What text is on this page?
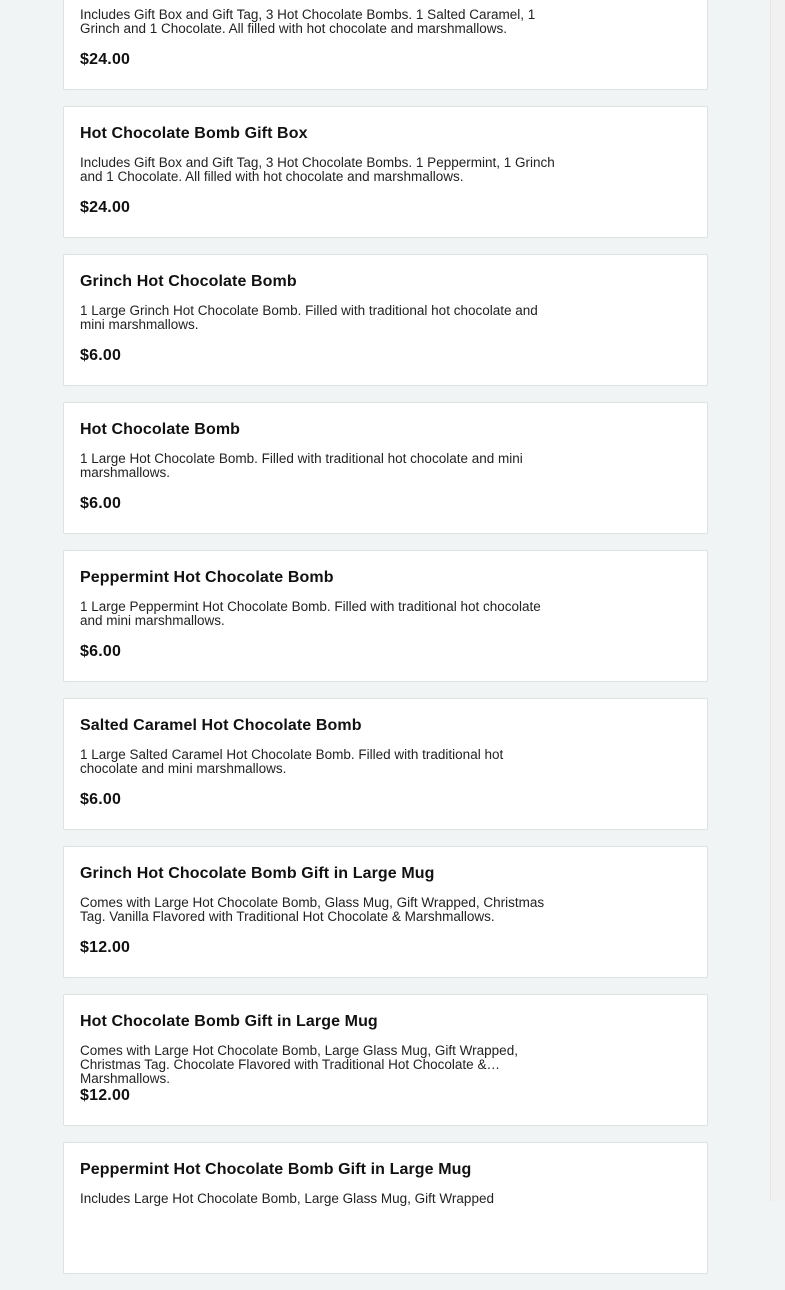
Includes Gift Box and Gift Tag, 3 Hot Chocolate Bombs. 1 Salted Caramel, 1 Grinch and 1 Chocolate. All filled with hot chocolate and marshmallows.
$24.00
Hot Chocolate Bomb Gift Box
Includes Gift Box and Gift Tag, 3 Hot Chocolate Bombs. 1 Peppermint, 1 Grinch and 1 Chocolate. All filled with hot chocolate and marshmallows.
$24.00
Grinch Hot Chocolate Bomb
1 Large Grinch Hot Chocolate Bomb. Filled with traditional hot chocolate and mini marshmallows.
$6.00
Hot Chocolate Bomb
1 Large Hot Chocolate Bomb. Filled with traditional hot chocolate and mini marshmallows.
$6.00
Peppermint Hot Chocolate Bomb
1 Large Peppermint Hot Chocolate Bomb. Filled with traditional hot chocolate and mini marshmallows.
$6.00
Salted Caramel Hot Chocolate Bomb
1 Large Salted Caramel Hot Chocolate Bomb. Filled with traditional hot chocolate and mini marshmallows.
$6.00
Grinch Hot Chocolate Bomb Gift in Large Mug
Comes with Large Hot Chocolate Bomb, Glass Mug, Gift Wrapped, Christmas Tag. Vanilla Flavored with Traditional Hot Chocolate & Marshmallows.
$12.00
Hot Chocolate Bomb Gift in Large Mug
Comes with Large Hot Chocolate Bomb, Large Glass Mug, Gift Wrapped, Christmas Tag. Chocolate Flavored with Traditional Hot Chocolate & Marshmallows.
$12.00
Peppermint Hot Chocolate Bomb Gift in Large Mug
Includes Large Hot Chocolate Bomb, Large Glass Mug, Gift Wrapped
